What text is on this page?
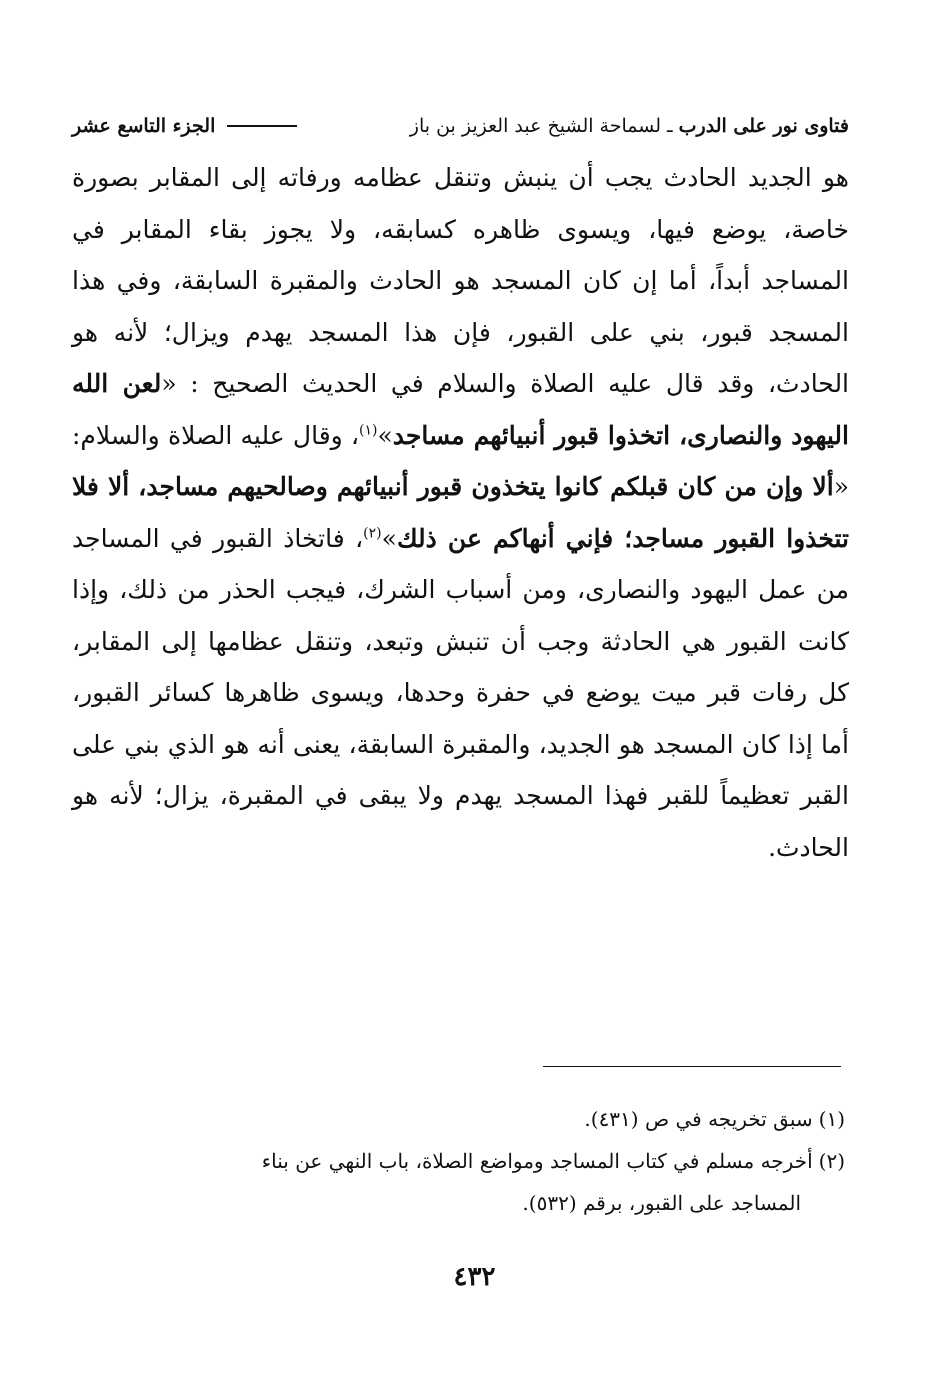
فتاوى نور على الدرب ـ لسماحة الشيخ عبد العزيز بن باز
الجزء التاسع عشر
هو الجديد الحادث يجب أن ينبش وتنقل عظامه ورفاته إلى المقابر بصورة خاصة، يوضع فيها، ويسوى ظاهره كسابقه، ولا يجوز بقاء المقابر في المساجد أبداً، أما إن كان المسجد هو الحادث والمقبرة السابقة، وفي هذا المسجد قبور، بني على القبور، فإن هذا المسجد يهدم ويزال؛ لأنه هو الحادث، وقد قال عليه الصلاة والسلام في الحديث الصحيح : «لعن الله اليهود والنصارى، اتخذوا قبور أنبيائهم مساجد»$^{(١)}$، وقال عليه الصلاة والسلام: «ألا وإن من كان قبلكم كانوا يتخذون قبور أنبيائهم وصالحيهم مساجد، ألا فلا تتخذوا القبور مساجد؛ فإني أنهاكم عن ذلك»$^{(٢)}$، فاتخاذ القبور في المساجد من عمل اليهود والنصارى، ومن أسباب الشرك، فيجب الحذر من ذلك، وإذا كانت القبور هي الحادثة وجب أن تنبش وتبعد، وتنقل عظامها إلى المقابر، كل رفات قبر ميت يوضع في حفرة وحدها، ويسوى ظاهرها كسائر القبور، أما إذا كان المسجد هو الجديد، والمقبرة السابقة، يعنى أنه هو الذي بني على القبر تعظيماً للقبر فهذا المسجد يهدم ولا يبقى في المقبرة، يزال؛ لأنه هو الحادث.
(١)سبق تخريجه في ص (٤٣١).
(٢)أخرجه مسلم في كتاب المساجد ومواضع الصلاة، باب النهي عن بناء
المساجد على القبور، برقم (٥٣٢).
٤٣٢
